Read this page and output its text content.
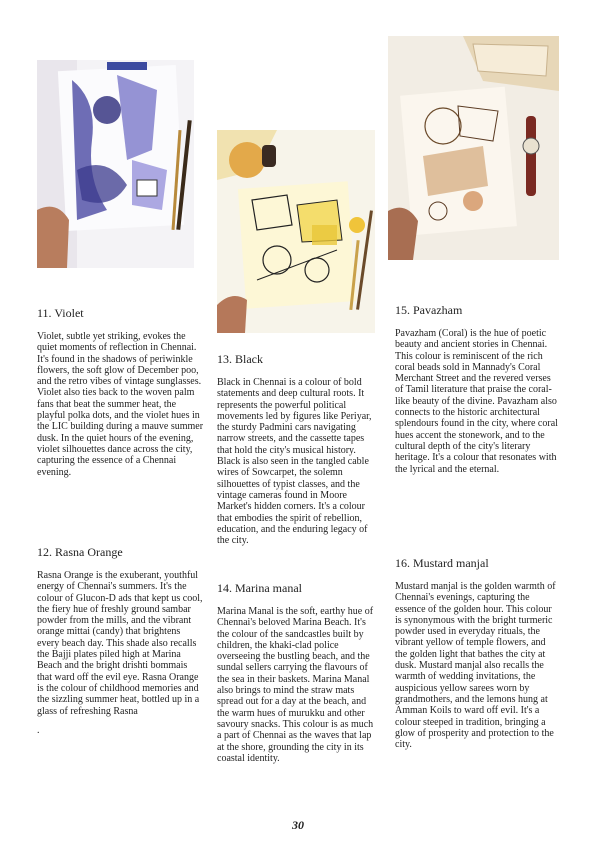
11. Violet

Violet, subtle yet striking, evokes the quiet moments of reflection in Chennai. It's found in the shadows of periwinkle flowers, the soft glow of December poo, and the retro vibes of vintage sunglasses. Violet also ties back to the woven palm fans that beat the summer heat, the playful polka dots, and the violet hues in the LIC building during a mauve summer dusk. In the quiet hours of the evening, violet silhouettes dance across the city, capturing the essence of a Chennai evening.

12. Rasna Orange

Rasna Orange is the exuberant, youthful energy of Chennai's summers. It's the colour of Glucon-D ads that kept us cool, the fiery hue of freshly ground sambar powder from the mills, and the vibrant orange mittai (candy) that brightens every beach day. This shade also recalls the Bajji plates piled high at Marina Beach and the bright drishti bommais that ward off the evil eye. Rasna Orange is the colour of childhood memories and the sizzling summer heat, bottled up in a glass of refreshing Rasna

.
13. Black

Black in Chennai is a colour of bold statements and deep cultural roots. It represents the powerful political movements led by figures like Periyar, the sturdy Padmini cars navigating narrow streets, and the cassette tapes that hold the city's musical history. Black is also seen in the tangled cable wires of Sowcarpet, the solemn silhouettes of typist classes, and the vintage cameras found in Moore Market's hidden corners. It's a colour that embodies the spirit of rebellion, education, and the enduring legacy of the city.

14. Marina manal

Marina Manal is the soft, earthy hue of Chennai's beloved Marina Beach. It's the colour of the sandcastles built by children, the khaki-clad police overseeing the bustling beach, and the sundal sellers carrying the flavours of the sea in their baskets. Marina Manal also brings to mind the straw mats spread out for a day at the beach, and the warm hues of murukku and other savoury snacks. This colour is as much a part of Chennai as the waves that lap at the shore, grounding the city in its coastal identity.

15. Pavazham

Pavazham (Coral) is the hue of poetic beauty and ancient stories in Chennai. This colour is reminiscent of the rich coral beads sold in Mannady's Coral Merchant Street and the revered verses of Tamil literature that praise the coral-like beauty of the divine. Pavazham also connects to the historic architectural splendours found in the city, where coral hues accent the stonework, and to the cultural depth of the city's literary heritage. It's a colour that resonates with the lyrical and the eternal.

16. Mustard manjal

Mustard manjal is the golden warmth of Chennai's evenings, capturing the essence of the golden hour. This colour is synonymous with the bright turmeric powder used in everyday rituals, the vibrant yellow of temple flowers, and the golden light that bathes the city at dusk. Mustard manjal also recalls the warmth of wedding invitations, the auspicious yellow sarees worn by grandmothers, and the lemons hung at Amman Koils to ward off evil. It's a colour steeped in tradition, bringing a glow of prosperity and protection to the city.

30
